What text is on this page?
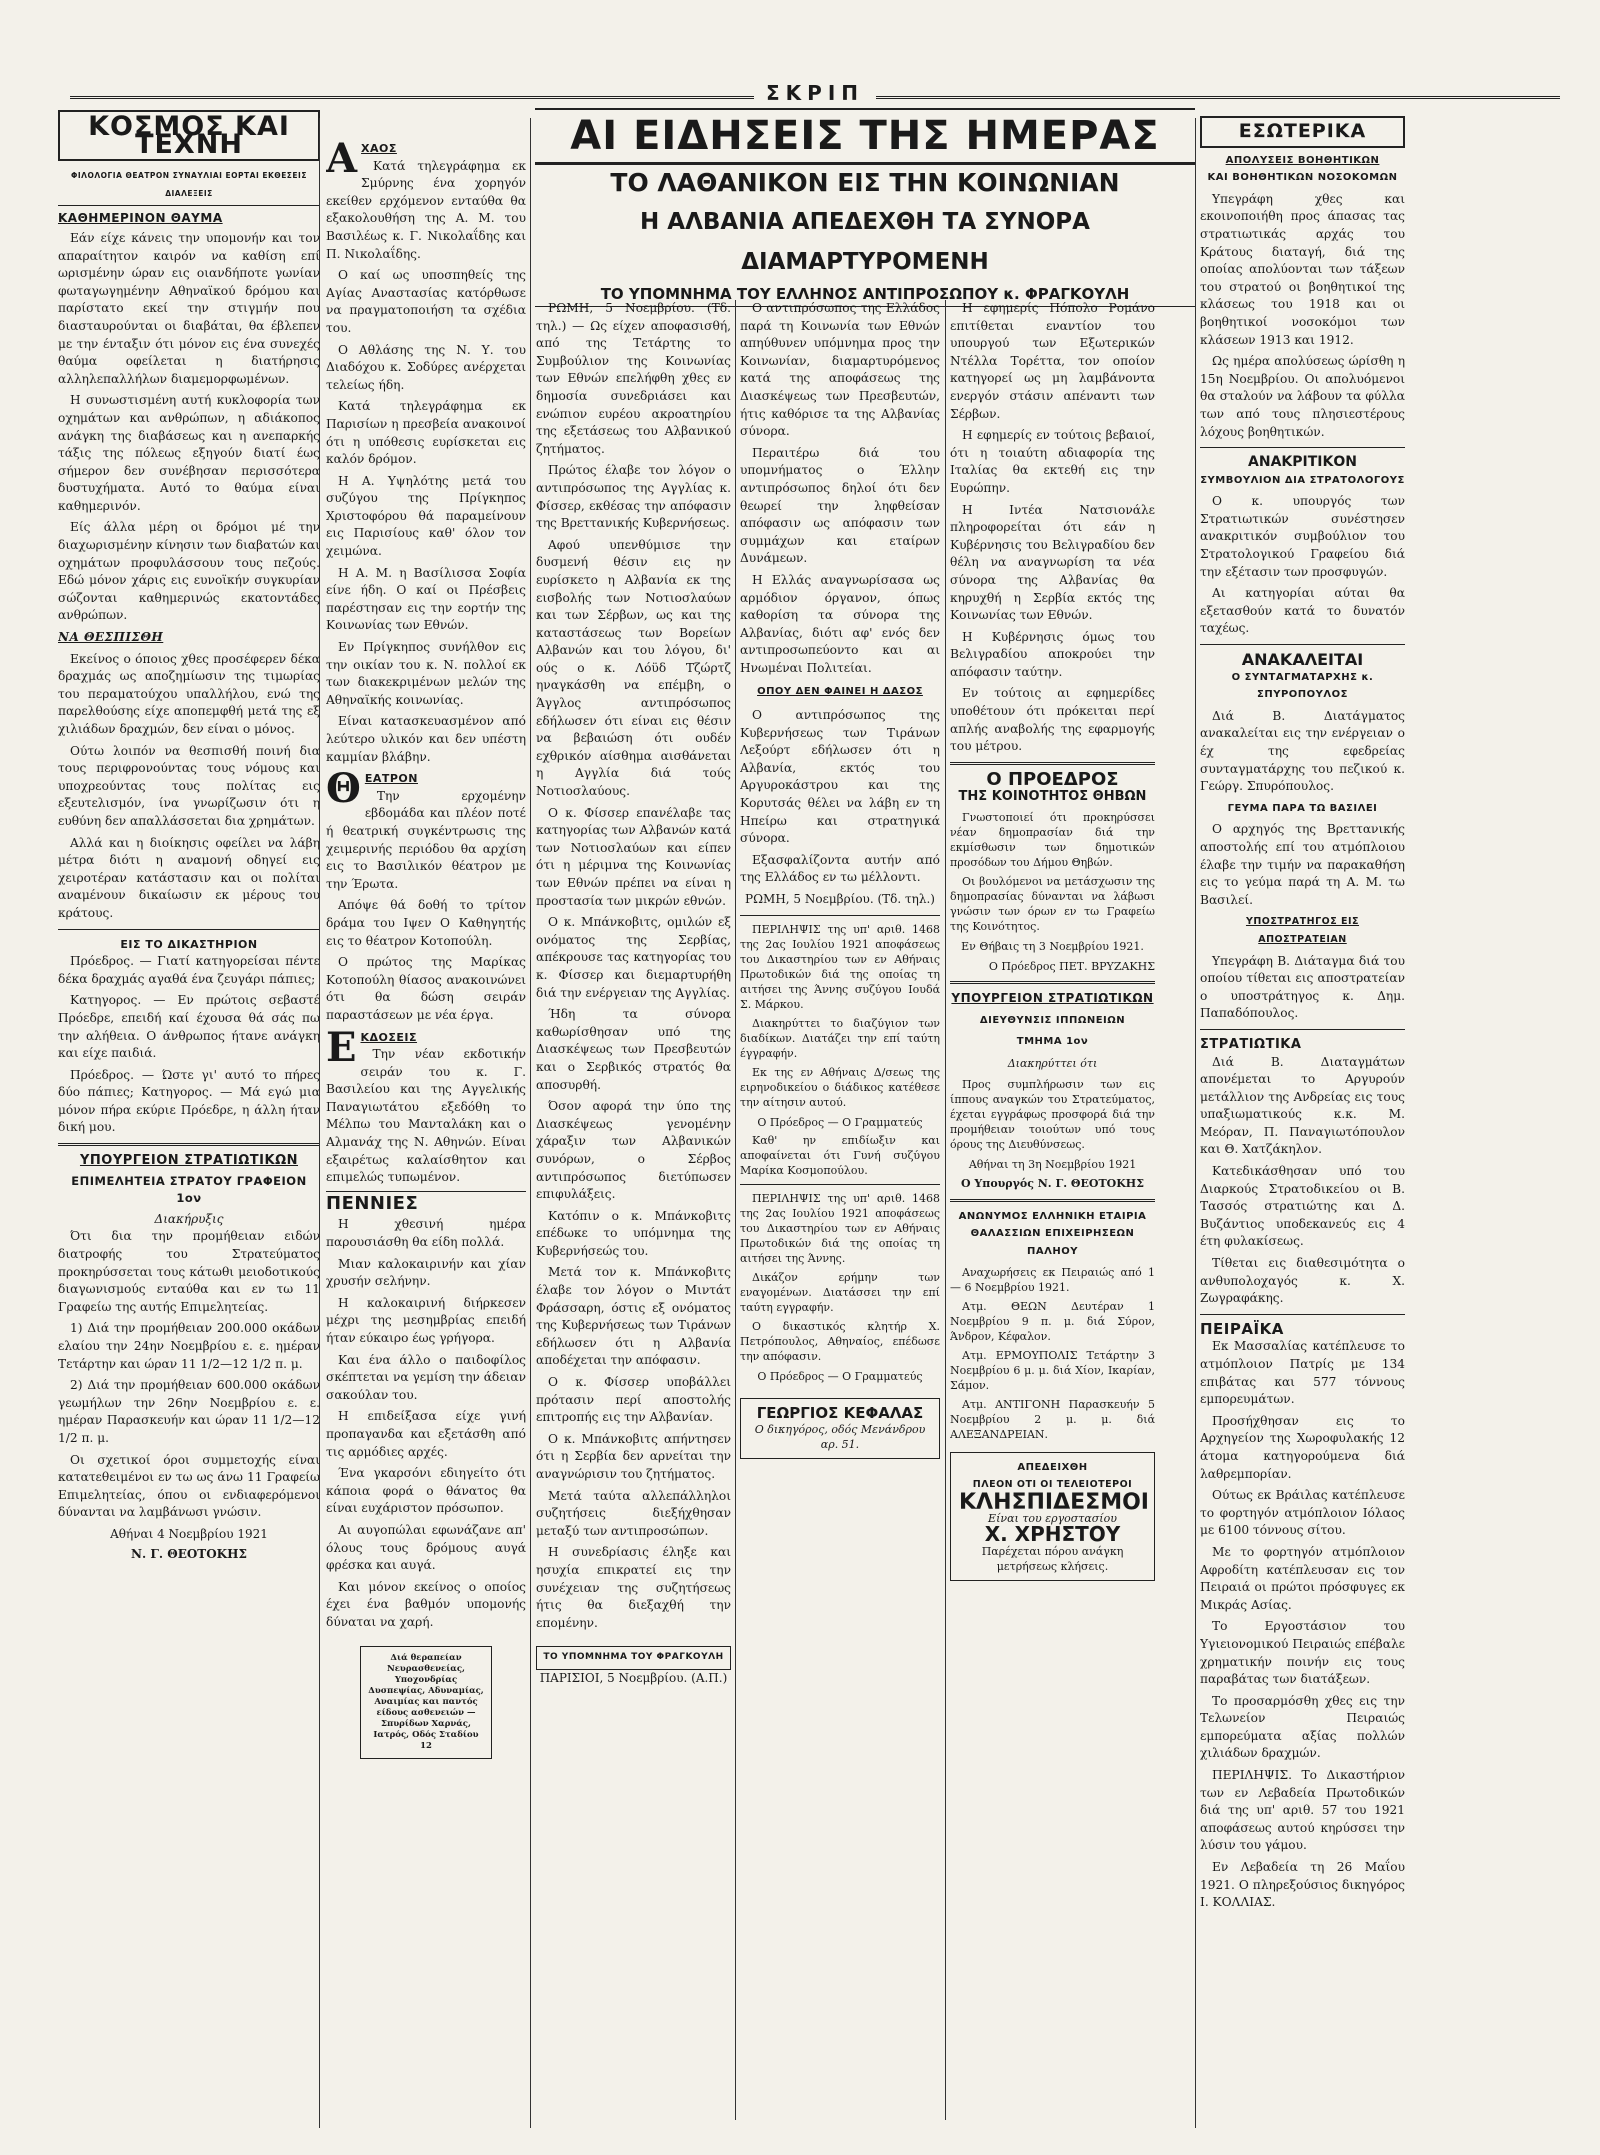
ΣΚΡΙΠ
ΚΟΣΜΟΣ ΚΑΙ ΤΕΧΝΗ
ΦΙΛΟΛΟΓΙΑ ΘΕΑΤΡΟΝ ΣΥΝΑΥΛΙΑΙ ΕΟΡΤΑΙ ΕΚΘΕΣΕΙΣ ΔΙΑΛΕΞΕΙΣ
ΚΑΘΗΜΕΡΙΝΟΝ ΘΑΥΜΑ

Εάν είχε κάνεις την υπομονήν και τον απαραίτητον καιρόν να καθίση επί ωρισμένην ώραν εις οιανδήποτε γωνίαν φωταγωγημένην Αθηναϊκού δρόμου και παρίστατο εκεί την στιγμήν που διασταυρούνται οι διαβάται, θα έβλεπεν με την ένταξιν ότι μόνον εις ένα συνεχές θαύμα οφείλεται η διατήρησις αλληλεπαλλήλων διαμεμορφωμένων.

Η συνωστισμένη αυτή κυκλοφορία των οχημάτων και ανθρώπων, η αδιάκοπος ανάγκη της διαβάσεως και η ανεπαρκής τάξις της πόλεως εξηγούν διατί έως σήμερον δεν συνέβησαν περισσότερα δυστυχήματα. Αυτό το θαύμα είναι καθημερινόν.

Είς άλλα μέρη οι δρόμοι μέ την διαχωρισμένην κίνησιν των διαβατών και οχημάτων προφυλάσσουν τους πεζούς. Εδώ μόνον χάρις εις ευνοϊκήν συγκυρίαν σώζονται καθημερινώς εκατοντάδες ανθρώπων.

ΝΑ ΘΕΣΠΙΣΘΗ

Εκείνος ο όποιος χθες προσέφερεν δέκα δραχμάς ως αποζημίωσιν της τιμωρίας του περαματούχου υπαλλήλου, ενώ της παρελθούσης είχε αποπεμφθή μετά της εξ χιλιάδων δραχμών, δεν είναι ο μόνος.

Ούτω λοιπόν να θεσπισθή ποινή δια τους περιφρονούντας τους νόμους και υποχρεούντας τους πολίτας εις εξευτελισμόν, ίνα γνωρίζωσιν ότι η ευθύνη δεν απαλλάσσεται δια χρημάτων.

Αλλά και η διοίκησις οφείλει να λάβη μέτρα διότι η αναμονή οδηγεί εις χειροτέραν κατάστασιν και οι πολίται αναμένουν δικαίωσιν εκ μέρους του κράτους.

ΕΙΣ ΤΟ ΔΙΚΑΣΤΗΡΙΟΝ

Πρόεδρος. — Γιατί κατηγορείσαι πέντε δέκα δραχμάς αγαθά ένα ζευγάρι πάπιες;

Κατηγορος. — Εν πρώτοις σεβαστέ Πρόεδρε, επειδή καί έχουσα θά σάς πω την αλήθεια. Ο άνθρωπος ήτανε ανάγκη και είχε παιδιά.

Πρόεδρος. — Ώστε γι' αυτό το πήρες δύο πάπιες; Κατηγορος. — Μά εγώ μια μόνον πήρα εκύριε Πρόεδρε, η άλλη ήταν δική μου.

ΥΠΟΥΡΓΕΙΟΝ ΣΤΡΑΤΙΩΤΙΚΩΝ
ΕΠΙΜΕΛΗΤΕΙΑ ΣΤΡΑΤΟΥ ΓΡΑΦΕΙΟΝ 1ον
Διακήρυξις

Ότι δια την προμήθειαν ειδών διατροφής του Στρατεύματος προκηρύσσεται τους κάτωθι μειοδοτικούς διαγωνισμούς ενταύθα και εν τω 11 Γραφείω της αυτής Επιμελητείας.

1) Διά την προμήθειαν 200.000 οκάδων ελαίου την 24ην Νοεμβρίου ε. ε. ημέραν Τετάρτην και ώραν 11 1/2—12 1/2 π. μ.

2) Διά την προμήθειαν 600.000 οκάδων γεωμήλων την 26ην Νοεμβρίου ε. ε. ημέραν Παρασκευήν και ώραν 11 1/2—12 1/2 π. μ.

Οι σχετικοί όροι συμμετοχής είναι κατατεθειμένοι εν τω ως άνω 11 Γραφείω Επιμελητείας, όπου οι ενδιαφερόμενοι δύνανται να λαμβάνωσι γνώσιν.

Αθήναι 4 Νοεμβρίου 1921
Ν. Γ. ΘΕΟΤΟΚΗΣ
Α ΧΑΟΣ

Κατά τηλεγράφημα εκ Σμύρνης ένα χορηγόν εκείθεν ερχόμενον ενταύθα θα εξακολουθήση της Α. Μ. του Βασιλέως κ. Γ. Νικολαΐδης και Π. Νικολαΐδης.

Ο καί ως υποσπηθείς της Αγίας Αναστασίας κατόρθωσε να πραγματοποιήση τα σχέδια του.

Ο Αθλάσης της Ν. Υ. του Διαδόχου κ. Σοδύρες ανέρχεται τελείως ήδη.

Κατά τηλεγράφημα εκ Παρισίων η πρεσβεία ανακοινοί ότι η υπόθεσις ευρίσκεται εις καλόν δρόμον.

Η Α. Υψηλότης μετά του συζύγου της Πρίγκηπος Χριστοφόρου θά παραμείνουν εις Παρισίους καθ' όλον τον χειμώνα.

Η Α. Μ. η Βασίλισσα Σοφία είνε ήδη. Ο καί οι Πρέσβεις παρέστησαν εις την εορτήν της Κοινωνίας των Εθνών.

Εν Πρίγκηπος συνήλθον εις την οικίαν του κ. Ν. πολλοί εκ των διακεκριμένων μελών της Αθηναϊκής κοινωνίας.

Είναι κατασκευασμένον από λεύτερο υλικόν και δεν υπέστη καμμίαν βλάβην.

Θ ΕΑΤΡΟΝ

Την ερχομένην εβδομάδα και πλέον ποτέ ή θεατρική συγκέντρωσις της χειμερινής περιόδου θα αρχίση εις το Βασιλικόν θέατρον με την Έρωτα.

Απόψε θά δοθή το τρίτον δράμα του Ιψεν Ο Καθηγητής εις το θέατρον Κοτοπούλη.

Ο πρώτος της Μαρίκας Κοτοπούλη θίασος ανακοινώνει ότι θα δώση σειράν παραστάσεων με νέα έργα.

Ε ΚΔΟΣΕΙΣ

Την νέαν εκδοτικήν σειράν του κ. Γ. Βασιλείου και της Αγγελικής Παναγιωτάτου εξεδόθη το Μέλπω του Μανταλάκη και ο Αλμανάχ της Ν. Αθηνών. Είναι εξαιρέτως καλαίσθητον και επιμελώς τυπωμένον.

ΠΕΝΝΙΕΣ

Η χθεσινή ημέρα παρουσιάσθη θα είδη πολλά.

Μιαν καλοκαιρινήν και χίαν χρυσήν σελήνην.

Η καλοκαιρινή διήρκεσεν μέχρι της μεσημβρίας επειδή ήταν εύκαιρο έως γρήγορα.

Και ένα άλλο ο παιδοφίλος σκέπτεται να γεμίση την άδειαν σακούλαν του.

Η επιδείξασα είχε γινή προπαγανδα και εξετάσθη από τις αρμόδιες αρχές.

Ένα γκαρσόνι εδιηγείτο ότι κάποια φορά ο θάνατος θα είναι ευχάριστον πρόσωπον.

Αι αυγοπώλαι εφωνάζανε απ' όλους τους δρόμους αυγά φρέσκα και αυγά.

Και μόνον εκείνος ο οποίος έχει ένα βαθμόν υπομονής δύναται να χαρή.

Διά θεραπείαν Νευρασθενείας, Υποχονδρίας Δυσπεψίας, Αδυναμίας, Αναιμίας και παντός είδους ασθενειών — Σπυρίδων Χαρνάς, Ιατρός, Οδός Σταδίου 12
ΑΙ ΕΙΔΗΣΕΙΣ ΤΗΣ ΗΜΕΡΑΣ
ΤΟ ΛΑΘΑΝΙΚΟΝ ΕΙΣ ΤΗΝ ΚΟΙΝΩΝΙΑΝ
Η ΑΛΒΑΝΙΑ ΑΠΕΔΕΧΘΗ ΤΑ ΣΥΝΟΡΑ ΔΙΑΜΑΡΤΥΡΟΜΕΝΗ
ΤΟ ΥΠΟΜΝΗΜΑ ΤΟΥ ΕΛΛΗΝΟΣ ΑΝΤΙΠΡΟΣΩΠΟΥ κ. ΦΡΑΓΚΟΥΛΗ

ΡΩΜΗ, 5 Νοεμβρίου. (Τδ. τηλ.) — Ως είχεν αποφασισθή, από της Τετάρτης το Συμβούλιον της Κοινωνίας των Εθνών επελήφθη χθες εν δημοσία συνεδριάσει και ενώπιον ευρέου ακροατηρίου της εξετάσεως του Αλβανικού ζητήματος.

Πρώτος έλαβε τον λόγον ο αντιπρόσωπος της Αγγλίας κ. Φίσσερ, εκθέσας την απόφασιν της Βρεττανικής Κυβερνήσεως.

Αφού υπενθύμισε την δυσμενή θέσιν εις ην ευρίσκετο η Αλβανία εκ της εισβολής των Νοτιοσλαύων και των Σέρβων, ως και της καταστάσεως των Βορείων Αλβανών και του λόγου, δι' ούς ο κ. Λόϋδ Τζώρτζ ηναγκάσθη να επέμβη, ο Άγγλος αντιπρόσωπος εδήλωσεν ότι είναι εις θέσιν να βεβαιώση ότι ουδέν εχθρικόν αίσθημα αισθάνεται η Αγγλία διά τούς Νοτιοσλαύους.

Ο κ. Φίσσερ επανέλαβε τας κατηγορίας των Αλβανών κατά των Νοτιοσλαύων και είπεν ότι η μέριμνα της Κοινωνίας των Εθνών πρέπει να είναι η προστασία των μικρών εθνών.

Ο κ. Μπάνκοβιτς, ομιλών εξ ονόματος της Σερβίας, απέκρουσε τας κατηγορίας του κ. Φίσσερ και διεμαρτυρήθη διά την ενέργειαν της Αγγλίας.

Ήδη τα σύνορα καθωρίσθησαν υπό της Διασκέψεως των Πρεσβευτών και ο Σερβικός στρατός θα αποσυρθή.

Όσον αφορά την ύπο της Διασκέψεως γενομένην χάραξιν των Αλβανικών συνόρων, ο Σέρβος αντιπρόσωπος διετύπωσεν επιφυλάξεις.

Κατόπιν ο κ. Μπάνκοβιτς επέδωκε το υπόμνημα της Κυβερνήσεώς του.

Μετά τον κ. Μπάνκοβιτς έλαβε τον λόγον ο Μιντάτ Φράσσαρη, όστις εξ ονόματος της Κυβερνήσεως των Τιράνων εδήλωσεν ότι η Αλβανία αποδέχεται την απόφασιν.

Ο κ. Φίσσερ υποβάλλει πρότασιν περί αποστολής επιτροπής εις την Αλβανίαν.

Ο κ. Μπάνκοβιτς απήντησεν ότι η Σερβία δεν αρνείται την αναγνώρισιν του ζητήματος.

Μετά ταύτα αλλεπάλληλοι συζητήσεις διεξήχθησαν μεταξύ των αντιπροσώπων.

Η συνεδρίασις έληξε και ησυχία επικρατεί εις την συνέχειαν της συζητήσεως ήτις θα διεξαχθή την επομένην.

ΤΟ ΥΠΟΜΝΗΜΑ ΤΟΥ ΦΡΑΓΚΟΥΛΗ
ΠΑΡΙΣΙΟΙ, 5 Νοεμβρίου. (Α.Π.)

Ο αντιπρόσωπος της Ελλάδος παρά τη Κοινωνία των Εθνών απηύθυνεν υπόμνημα προς την Κοινωνίαν, διαμαρτυρόμενος κατά της αποφάσεως της Διασκέψεως των Πρεσβευτών, ήτις καθόρισε τα της Αλβανίας σύνορα.

Περαιτέρω διά του υπομνήματος ο Έλλην αντιπρόσωπος δηλοί ότι δεν θεωρεί την ληφθείσαν απόφασιν ως απόφασιν των συμμάχων και εταίρων Δυνάμεων.

Η Ελλάς αναγνωρίσασα ως αρμόδιον όργανον, όπως καθορίση τα σύνορα της Αλβανίας, διότι αφ' ενός δεν αντιπροσωπεύοντο και αι Ηνωμέναι Πολιτείαι.

ΟΠΟΥ ΔΕΝ ΦΑΙΝΕΙ Η ΔΑΣΟΣ

Ο αντιπρόσωπος της Κυβερνήσεως των Τιράνων Λεξούρτ εδήλωσεν ότι η Αλβανία, εκτός του Αργυροκάστρου και της Κορυτσάς θέλει να λάβη εν τη Ηπείρω και στρατηγικά σύνορα.

Εξασφαλίζοντα αυτήν από της Ελλάδος εν τω μέλλοντι.

ΡΩΜΗ, 5 Νοεμβρίου. (Τδ. τηλ.)

ΠΕΡΙΛΗΨΙΣ της υπ' αριθ. 1468 της 2ας Ιουλίου 1921 αποφάσεως του Δικαστηρίου των εν Αθήναις Πρωτοδικών διά της οποίας τη αιτήσει της Άννης συζύγου Ιουδά Σ. Μάρκου.

Διακηρύττει το διαζύγιον των διαδίκων. Διατάζει την επί ταύτη έγγραφήν.

Εκ της εν Αθήναις Δ/σεως της ειρηνοδικείου ο διάδικος κατέθεσε την αίτησιν αυτού.

Ο Πρόεδρος — Ο Γραμματεύς

Καθ' ην επιδίωξιν και αποφαίνεται ότι Γυνή συζύγου Μαρίκα Κοσμοπούλου.

ΠΕΡΙΛΗΨΙΣ της υπ' αριθ. 1468 της 2ας Ιουλίου 1921 αποφάσεως του Δικαστηρίου των εν Αθήναις Πρωτοδικών διά της οποίας τη αιτήσει της Άννης.

Δικάζον ερήμην των εναγομένων. Διατάσσει την επί ταύτη εγγραφήν.

Ο δικαστικός κλητήρ Χ. Πετρόπουλος, Αθηναίος, επέδωσε την απόφασιν.

Ο Πρόεδρος — Ο Γραμματεύς
ΓΕΩΡΓΙΟΣ ΚΕΦΑΛΑΣ
Ο δικηγόρος, οδός Μενάνδρου αρ. 51.

Η εφημερίς Πόπολο Ρομάνο επιτίθεται εναντίον του υπουργού των Εξωτερικών Ντέλλα Τορέττα, τον οποίον κατηγορεί ως μη λαμβάνοντα ενεργόν στάσιν απέναντι των Σέρβων.

Η εφημερίς εν τούτοις βεβαιοί, ότι η τοιαύτη αδιαφορία της Ιταλίας θα εκτεθή εις την Ευρώπην.

Η Ιντέα Νατσιονάλε πληροφορείται ότι εάν η Κυβέρνησις του Βελιγραδίου δεν θέλη να αναγνωρίση τα νέα σύνορα της Αλβανίας θα κηρυχθή η Σερβία εκτός της Κοινωνίας των Εθνών.

Η Κυβέρνησις όμως του Βελιγραδίου αποκρούει την απόφασιν ταύτην.

Εν τούτοις αι εφημερίδες υποθέτουν ότι πρόκειται περί απλής αναβολής της εφαρμογής του μέτρου.

Ο ΠΡΟΕΔΡΟΣ
ΤΗΣ ΚΟΙΝΟΤΗΤΟΣ ΘΗΒΩΝ

Γνωστοποιεί ότι προκηρύσσει νέαν δημοπρασίαν διά την εκμίσθωσιν των δημοτικών προσόδων του Δήμου Θηβών.

Οι βουλόμενοι να μετάσχωσιν της δημοπρασίας δύνανται να λάβωσι γνώσιν των όρων εν τω Γραφείω της Κοινότητος.

Εν Θήβαις τη 3 Νοεμβρίου 1921.
Ο Πρόεδρος ΠΕΤ. ΒΡΥΖΑΚΗΣ
ΥΠΟΥΡΓΕΙΟΝ ΣΤΡΑΤΙΩΤΙΚΩΝ
ΔΙΕΥΘΥΝΣΙΣ ΙΠΠΩΝΕΙΩΝ
ΤΜΗΜΑ 1ον
Διακηρύττει ότι

Προς συμπλήρωσιν των εις ίππους αναγκών του Στρατεύματος, έχεται εγγράφως προσφορά διά την προμήθειαν τοιούτων υπό τους όρους της Διευθύνσεως.

Αθήναι τη 3η Νοεμβρίου 1921
Ο Υπουργός Ν. Γ. ΘΕΟΤΟΚΗΣ
ΑΝΩΝΥΜΟΣ ΕΛΛΗΝΙΚΗ ΕΤΑΙΡΙΑ
ΘΑΛΑΣΣΙΩΝ ΕΠΙΧΕΙΡΗΣΕΩΝ ΠΑΛΗΟΥ

Αναχωρήσεις εκ Πειραιώς από 1 — 6 Νοεμβρίου 1921.

Ατμ. ΘΕΩΝ Δευτέραν 1 Νοεμβρίου 9 π. μ. διά Σύρον, Άνδρον, Κέφαλον.

Ατμ. ΕΡΜΟΥΠΟΛΙΣ Τετάρτην 3 Νοεμβρίου 6 μ. μ. διά Χίον, Ικαρίαν, Σάμον.

Ατμ. ΑΝΤΙΓΟΝΗ Παρασκευήν 5 Νοεμβρίου 2 μ. μ. διά ΑΛΕΞΑΝΔΡΕΙΑΝ.

ΑΠΕΔΕΙΧΘΗ
ΠΛΕΟΝ ΟΤΙ ΟΙ ΤΕΛΕΙΟΤΕΡΟΙ
ΚΛΗΣΠΙΔΕΣΜΟΙ
Είναι του εργοστασίου
Χ. ΧΡΗΣΤΟΥ
Παρέχεται πόρου ανάγκη μετρήσεως κλήσεις.
ΕΣΩΤΕΡΙΚΑ
ΑΠΟΛΥΣΕΙΣ ΒΟΗΘΗΤΙΚΩΝ
ΚΑΙ ΒΟΗΘΗΤΙΚΩΝ ΝΟΣΟΚΟΜΩΝ

Υπεγράφη χθες και εκοινοποιήθη προς άπασας τας στρατιωτικάς αρχάς του Κράτους διαταγή, διά της οποίας απολύονται των τάξεων του στρατού οι βοηθητικοί της κλάσεως του 1918 και οι βοηθητικοί νοσοκόμοι των κλάσεων 1913 και 1912.

Ως ημέρα απολύσεως ώρίσθη η 15η Νοεμβρίου. Οι απολυόμενοι θα σταλούν να λάβουν τα φύλλα των από τους πλησιεστέρους λόχους βοηθητικών.

ΑΝΑΚΡΙΤΙΚΟΝ
ΣΥΜΒΟΥΛΙΟΝ ΔΙΑ ΣΤΡΑΤΟΛΟΓΟΥΣ

Ο κ. υπουργός των Στρατιωτικών συνέστησεν ανακριτικόν συμβούλιον του Στρατολογικού Γραφείου διά την εξέτασιν των προσφυγών.

Αι κατηγορίαι αύται θα εξετασθούν κατά το δυνατόν ταχέως.

ΑΝΑΚΑΛΕΙΤΑΙ
Ο ΣΥΝΤΑΓΜΑΤΑΡΧΗΣ κ. ΣΠΥΡΟΠΟΥΛΟΣ

Διά Β. Διατάγματος ανακαλείται εις την ενέργειαν ο έχ της εφεδρείας συνταγματάρχης του πεζικού κ. Γεώργ. Σπυρόπουλος.

ΓΕΥΜΑ ΠΑΡΑ ΤΩ ΒΑΣΙΛΕΙ

Ο αρχηγός της Βρεττανικής αποστολής επί του ατμόπλοιου έλαβε την τιμήν να παρακαθήση εις το γεύμα παρά τη Α. Μ. τω Βασιλεί.

ΥΠΟΣΤΡΑΤΗΓΟΣ ΕΙΣ ΑΠΟΣΤΡΑΤΕΙΑΝ

Υπεγράφη Β. Διάταγμα διά του οποίου τίθεται εις αποστρατείαν ο υποστράτηγος κ. Δημ. Παπαδόπουλος.

ΣΤΡΑΤΙΩΤΙΚΑ

Διά Β. Διαταγμάτων απονέμεται το Αργυρούν μετάλλιον της Ανδρείας εις τους υπαξιωματικούς κ.κ. Μ. Μεόραν, Π. Παναγιωτόπουλον και Θ. Χατζάκηλον.

Κατεδικάσθησαν υπό του Διαρκούς Στρατοδικείου οι Β. Τασσός στρατιώτης και Δ. Βυζάντιος υποδεκανεύς εις 4 έτη φυλακίσεως.

Τίθεται εις διαθεσιμότητα ο ανθυπολοχαγός κ. Χ. Ζωγραφάκης.

ΠΕΙΡΑΪΚΑ

Εκ Μασσαλίας κατέπλευσε το ατμόπλοιον Πατρίς με 134 επιβάτας και 577 τόννους εμπορευμάτων.

Προσήχθησαν εις το Αρχηγείον της Χωροφυλακής 12 άτομα κατηγορούμενα διά λαθρεμπορίαν.

Ούτως εκ Βράιλας κατέπλευσε το φορτηγόν ατμόπλοιον Ιόλαος με 6100 τόννους σίτου.

Με το φορτηγόν ατμόπλοιον Αφροδίτη κατέπλευσαν εις τον Πειραιά οι πρώτοι πρόσφυγες εκ Μικράς Ασίας.

Το Εργοστάσιον του Υγιειονομικού Πειραιώς επέβαλε χρηματικήν ποινήν εις τους παραβάτας των διατάξεων.

Το προσαρμόσθη χθες εις την Τελωνείον Πειραιώς εμπορεύματα αξίας πολλών χιλιάδων δραχμών.

ΠΕΡΙΛΗΨΙΣ. Το Δικαστήριον των εν Λεβαδεία Πρωτοδικών διά της υπ' αριθ. 57 του 1921 αποφάσεως αυτού κηρύσσει την λύσιν του γάμου.

Εν Λεβαδεία τη 26 Μαΐου 1921. Ο πληρεξούσιος δικηγόρος Ι. ΚΟΛΛΙΑΣ.
